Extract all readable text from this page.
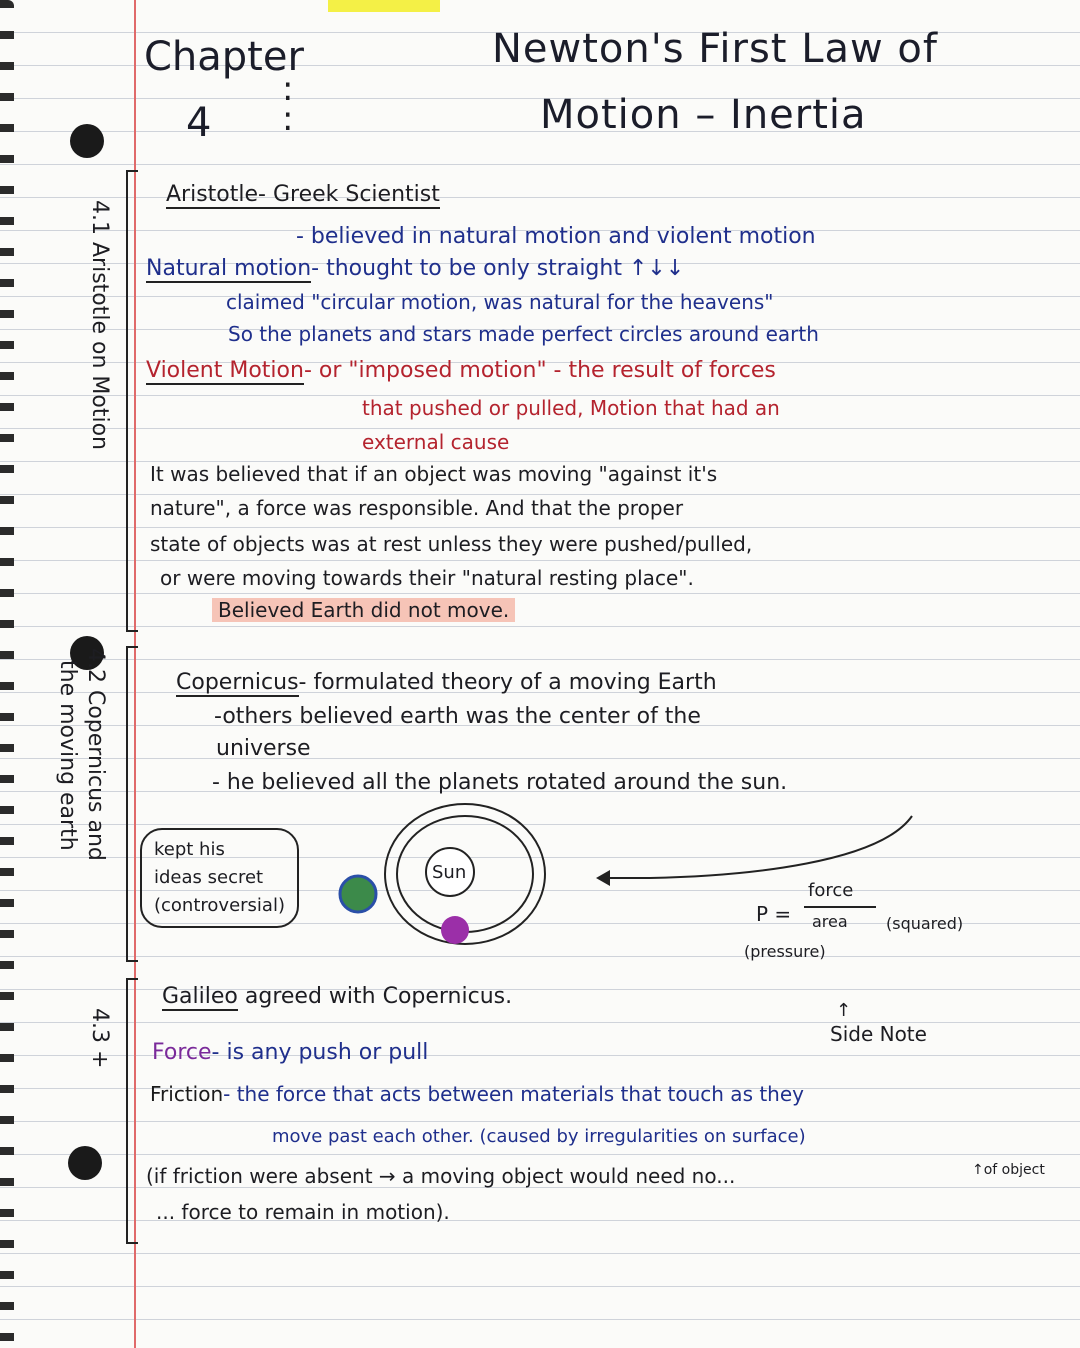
Chapter
4
:
:
Newton's First Law of
Motion – Inertia
4.1 Aristotle on Motion
4.2 Copernicus and
the moving earth
4.3 +
Aristotle- Greek Scientist
- believed in natural motion and violent motion
Natural motion- thought to be only straight ↑↓↓
claimed "circular motion, was natural for the heavens"
So the planets and stars made perfect circles around earth
Violent Motion- or "imposed motion" - the result of forces
that pushed or pulled, Motion that had an
external cause
It was believed that if an object was moving "against it's
nature", a force was responsible. And that the proper
state of objects was at rest unless they were pushed/pulled,
or were moving towards their "natural resting place".
Believed Earth did not move.
Copernicus- formulated theory of a moving Earth
-others believed earth was the center of the
universe
- he believed all the planets rotated around the sun.
kept his
ideas secret
(controversial)
Sun
force
P = area (squared)
(pressure)
↑
Side Note
Galileo agreed with Copernicus.
Force- is any push or pull
Friction- the force that acts between materials that touch as they
move past each other. (caused by irregularities on surface)
(if friction were absent → a moving object would need no...	↑of object
... force to remain in motion).
